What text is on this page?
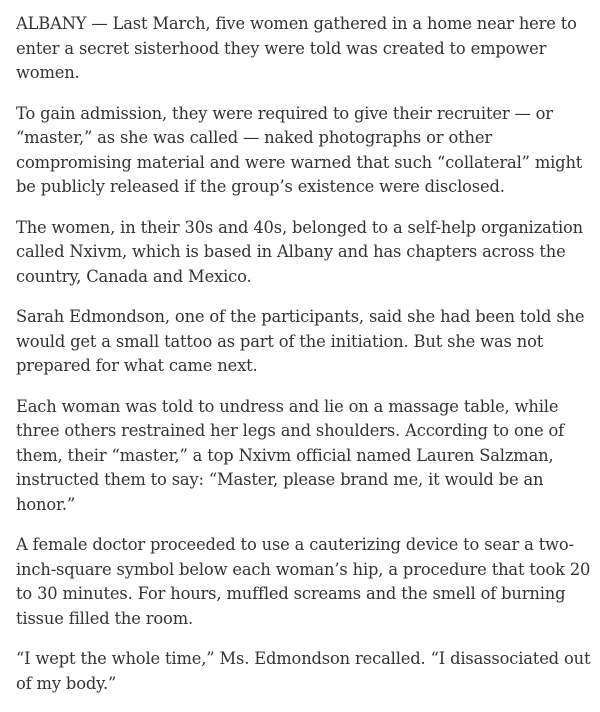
ALBANY — Last March, five women gathered in a home near here to enter a secret sisterhood they were told was created to empower women.

To gain admission, they were required to give their recruiter — or “master,” as she was called — naked photographs or other compromising material and were warned that such “collateral” might be publicly released if the group’s existence were disclosed.

The women, in their 30s and 40s, belonged to a self-help organization called Nxivm, which is based in Albany and has chapters across the country, Canada and Mexico.

Sarah Edmondson, one of the participants, said she had been told she would get a small tattoo as part of the initiation. But she was not prepared for what came next.

Each woman was told to undress and lie on a massage table, while three others restrained her legs and shoulders. According to one of them, their “master,” a top Nxivm official named Lauren Salzman, instructed them to say: “Master, please brand me, it would be an honor.”

A female doctor proceeded to use a cauterizing device to sear a two-inch-square symbol below each woman’s hip, a procedure that took 20 to 30 minutes. For hours, muffled screams and the smell of burning tissue filled the room.

“I wept the whole time,” Ms. Edmondson recalled. “I disassociated out of my body.”
